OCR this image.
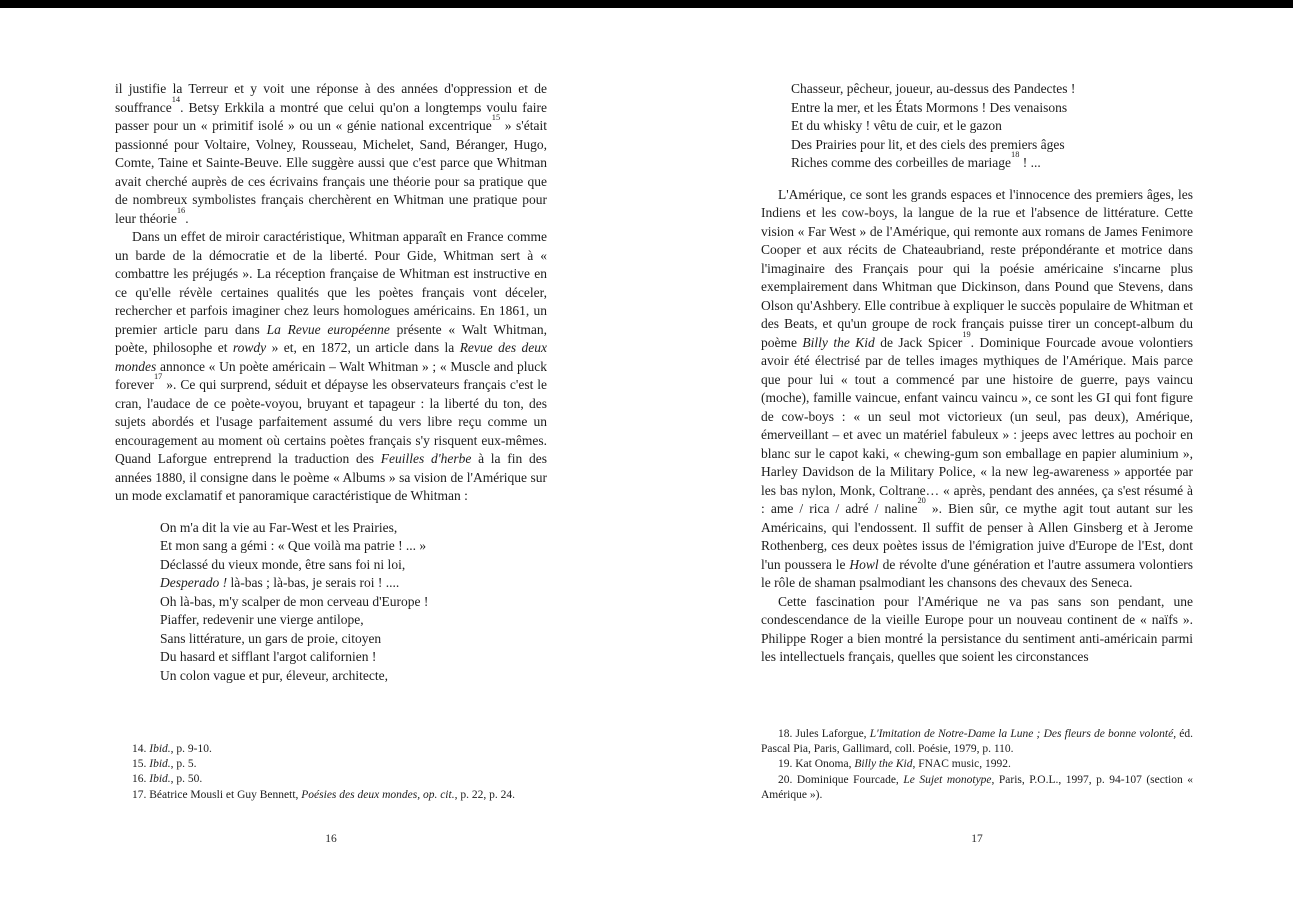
il justifie la Terreur et y voit une réponse à des années d'oppression et de souffrance$^{14}$. Betsy Erkkila a montré que celui qu'on a longtemps voulu faire passer pour un « primitif isolé » ou un « génie national excentrique$^{15}$ » s'était passionné pour Voltaire, Volney, Rousseau, Michelet, Sand, Béranger, Hugo, Comte, Taine et Sainte-Beuve. Elle suggère aussi que c'est parce que Whitman avait cherché auprès de ces écrivains français une théorie pour sa pratique que de nombreux symbolistes français cherchèrent en Whitman une pratique pour leur théorie$^{16}$.

Dans un effet de miroir caractéristique, Whitman apparaît en France comme un barde de la démocratie et de la liberté. Pour Gide, Whitman sert à « combattre les préjugés ». La réception française de Whitman est instructive en ce qu'elle révèle certaines qualités que les poètes français vont déceler, rechercher et parfois imaginer chez leurs homologues américains. En 1861, un premier article paru dans La Revue européenne présente « Walt Whitman, poète, philosophe et rowdy » et, en 1872, un article dans la Revue des deux mondes annonce « Un poète américain – Walt Whitman » ; « Muscle and pluck forever$^{17}$ ». Ce qui surprend, séduit et dépayse les observateurs français c'est le cran, l'audace de ce poète-voyou, bruyant et tapageur : la liberté du ton, des sujets abordés et l'usage parfaitement assumé du vers libre reçu comme un encouragement au moment où certains poètes français s'y risquent eux-mêmes. Quand Laforgue entreprend la traduction des Feuilles d'herbe à la fin des années 1880, il consigne dans le poème « Albums » sa vision de l'Amérique sur un mode exclamatif et panoramique caractéristique de Whitman :

On m'a dit la vie au Far-West et les Prairies,
Et mon sang a gémi : « Que voilà ma patrie ! ... »
Déclassé du vieux monde, être sans foi ni loi,
Desperado ! là-bas ; là-bas, je serais roi ! ....
Oh là-bas, m'y scalper de mon cerveau d'Europe !
Piaffer, redevenir une vierge antilope,
Sans littérature, un gars de proie, citoyen
Du hasard et sifflant l'argot californien !
Un colon vague et pur, éleveur, architecte,

14. Ibid., p. 9-10.

15. Ibid., p. 5.

16. Ibid., p. 50.

17. Béatrice Mousli et Guy Bennett, Poésies des deux mondes, op. cit., p. 22, p. 24.

16
Chasseur, pêcheur, joueur, au-dessus des Pandectes !
Entre la mer, et les États Mormons ! Des venaisons
Et du whisky ! vêtu de cuir, et le gazon
Des Prairies pour lit, et des ciels des premiers âges
Riches comme des corbeilles de mariage$^{18}$ ! ...

L'Amérique, ce sont les grands espaces et l'innocence des premiers âges, les Indiens et les cow-boys, la langue de la rue et l'absence de littérature. Cette vision « Far West » de l'Amérique, qui remonte aux romans de James Fenimore Cooper et aux récits de Chateaubriand, reste prépondérante et motrice dans l'imaginaire des Français pour qui la poésie américaine s'incarne plus exemplairement dans Whitman que Dickinson, dans Pound que Stevens, dans Olson qu'Ashbery. Elle contribue à expliquer le succès populaire de Whitman et des Beats, et qu'un groupe de rock français puisse tirer un concept-album du poème Billy the Kid de Jack Spicer$^{19}$. Dominique Fourcade avoue volontiers avoir été électrisé par de telles images mythiques de l'Amérique. Mais parce que pour lui « tout a commencé par une histoire de guerre, pays vaincu (moche), famille vaincue, enfant vaincu vaincu », ce sont les GI qui font figure de cow-boys : « un seul mot victorieux (un seul, pas deux), Amérique, émerveillant – et avec un matériel fabuleux » : jeeps avec lettres au pochoir en blanc sur le capot kaki, « chewing-gum son emballage en papier aluminium », Harley Davidson de la Military Police, « la new leg-awareness » apportée par les bas nylon, Monk, Coltrane… « après, pendant des années, ça s'est résumé à : ame / rica / adré / naline$^{20}$ ». Bien sûr, ce mythe agit tout autant sur les Américains, qui l'endossent. Il suffit de penser à Allen Ginsberg et à Jerome Rothenberg, ces deux poètes issus de l'émigration juive d'Europe de l'Est, dont l'un poussera le Howl de révolte d'une génération et l'autre assumera volontiers le rôle de shaman psalmodiant les chansons des chevaux des Seneca.

Cette fascination pour l'Amérique ne va pas sans son pendant, une condescendance de la vieille Europe pour un nouveau continent de « naïfs ». Philippe Roger a bien montré la persistance du sentiment anti-américain parmi les intellectuels français, quelles que soient les circonstances

18. Jules Laforgue, L'Imitation de Notre-Dame la Lune ; Des fleurs de bonne volonté, éd. Pascal Pia, Paris, Gallimard, coll. Poésie, 1979, p. 110.

19. Kat Onoma, Billy the Kid, FNAC music, 1992.

20. Dominique Fourcade, Le Sujet monotype, Paris, P.O.L., 1997, p. 94-107 (section « Amérique »).

17
